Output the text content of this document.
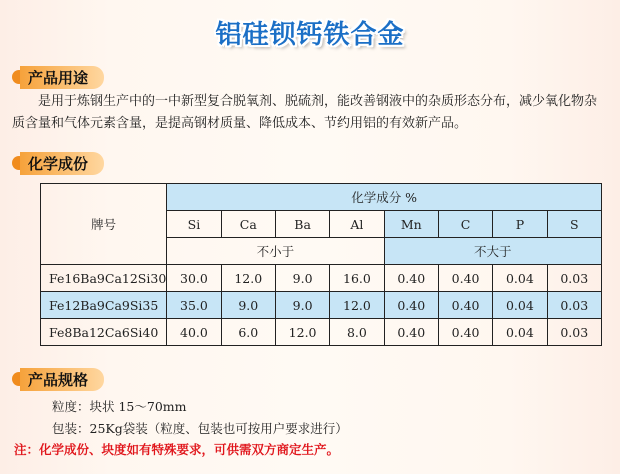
铝硅钡钙铁合金
产品用途
是用于炼钢生产中的一中新型复合脱氧剂、脱硫剂，能改善钢液中的杂质形态分布，减少氧化物杂质含量和气体元素含量，是提高钢材质量、降低成本、节约用铝的有效新产品。
化学成份
牌号	化学成分 %							
	Si	Ca	Ba	Al	Mn	C	P	S
	不小于				不大于			
Fe16Ba9Ca12Si30	30.0	12.0	9.0	16.0	0.40	0.40	0.04	0.03
Fe12Ba9Ca9Si35	35.0	9.0	9.0	12.0	0.40	0.40	0.04	0.03
Fe8Ba12Ca6Si40	40.0	6.0	12.0	8.0	0.40	0.40	0.04	0.03
产品规格
粒度：块状 15～70mm
包装：25Kg袋装（粒度、包装也可按用户要求进行）
注：化学成份、块度如有特殊要求，可供需双方商定生产。
